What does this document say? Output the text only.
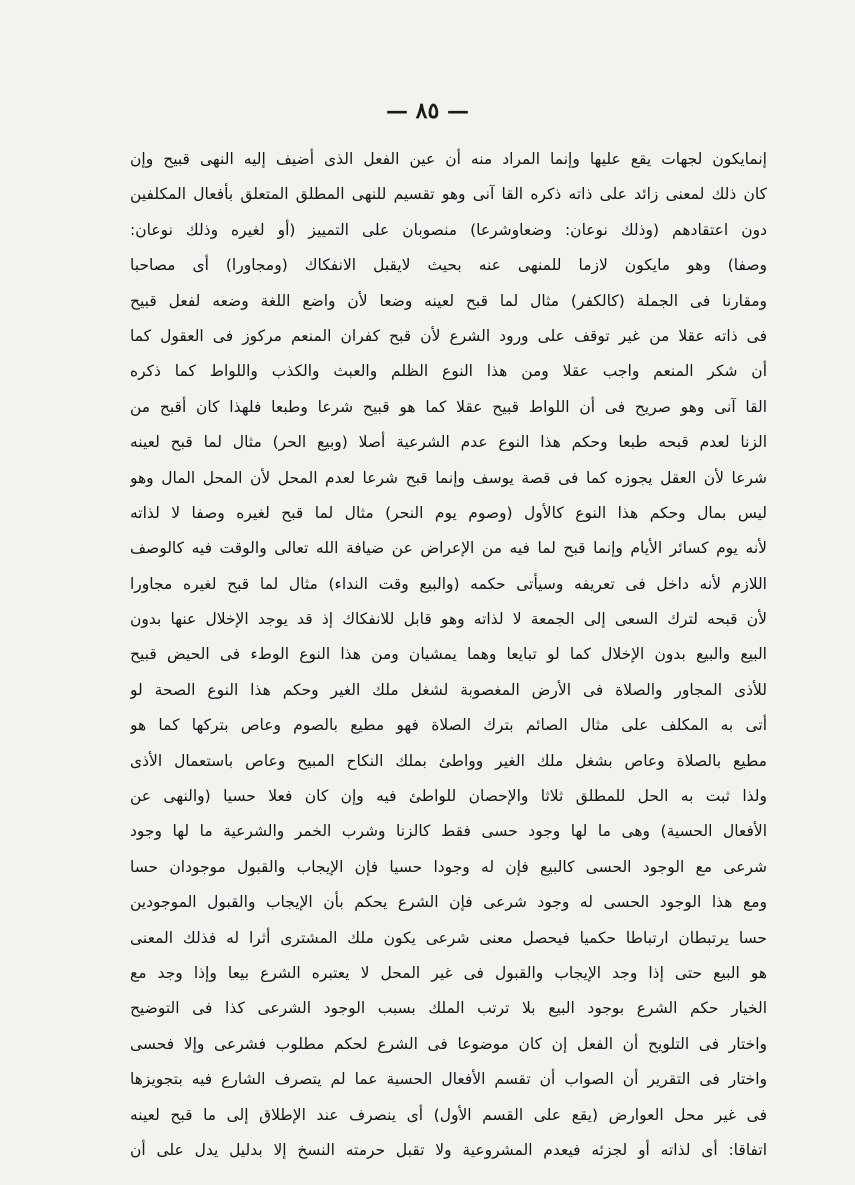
— ٨٥ —
إنمايكون لجهات يقع عليها وإنما المراد منه أن عين الفعل الذى أضيف إليه النهى قبيح وإن
كان ذلك لمعنى زائد على ذاته ذكره القا آنى وهو تقسيم للنهى المطلق المتعلق بأفعال المكلفين
دون اعتقادهم (وذلك نوعان: وضعاوشرعا) منصوبان على التمييز (أو لغيره وذلك نوعان:
وصفا) وهو مايكون لازما للمنهى عنه بحيث لايقبل الانفكاك (ومجاورا) أى مصاحبا
ومقارنا فى الجملة (كالكفر) مثال لما قبح لعينه وضعا لأن واضع اللغة وضعه لفعل قبيح
فى ذاته عقلا من غير توقف على ورود الشرع لأن قبح كفران المنعم مركوز فى العقول كما
أن شكر المنعم واجب عقلا ومن هذا النوع الظلم والعبث والكذب واللواط كما ذكره
القا آنى وهو صريح فى أن اللواط قبيح عقلا كما هو قبيح شرعا وطبعا فلهذا كان أقبح من
الزنا لعدم قبحه طبعا وحكم هذا النوع عدم الشرعية أصلا (وبيع الحر) مثال لما قبح لعينه
شرعا لأن العقل يجوزه كما فى قصة يوسف وإنما قبح شرعا لعدم المحل لأن المحل المال وهو
ليس بمال وحكم هذا النوع كالأول (وصوم يوم النحر) مثال لما قبح لغيره وصفا لا لذاته
لأنه يوم كسائر الأيام وإنما قبح لما فيه من الإعراض عن ضيافة الله تعالى والوقت فيه كالوصف
اللازم لأنه داخل فى تعريفه وسيأتى حكمه (والبيع وقت النداء) مثال لما قبح لغيره مجاورا
لأن قبحه لترك السعى إلى الجمعة لا لذاته وهو قابل للانفكاك إذ قد يوجد الإخلال عنها بدون
البيع والبيع بدون الإخلال كما لو تبايعا وهما يمشيان ومن هذا النوع الوطء فى الحيض قبيح
للأذى المجاور والصلاة فى الأرض المغصوبة لشغل ملك الغير وحكم هذا النوع الصحة لو
أتى به المكلف على مثال الصائم بترك الصلاة فهو مطيع بالصوم وعاص بتركها كما هو
مطيع بالصلاة وعاص بشغل ملك الغير وواطئ بملك النكاح المبيح وعاص باستعمال الأذى
ولذا ثبت به الحل للمطلق ثلاثا والإحصان للواطئ فيه وإن كان فعلا حسيا (والنهى عن
الأفعال الحسية) وهى ما لها وجود حسى فقط كالزنا وشرب الخمر والشرعية ما لها وجود
شرعى مع الوجود الحسى كالبيع فإن له وجودا حسيا فإن الإيجاب والقبول موجودان حسا
ومع هذا الوجود الحسى له وجود شرعى فإن الشرع يحكم بأن الإيجاب والقبول الموجودين
حسا يرتبطان ارتباطا حكميا فيحصل معنى شرعى يكون ملك المشترى أثرا له فذلك المعنى
هو البيع حتى إذا وجد الإيجاب والقبول فى غير المحل لا يعتبره الشرع بيعا وإذا وجد مع
الخيار حكم الشرع بوجود البيع بلا ترتب الملك بسبب الوجود الشرعى كذا فى التوضيح
واختار فى التلويح أن الفعل إن كان موضوعا فى الشرع لحكم مطلوب فشرعى وإلا فحسى
واختار فى التقرير أن الصواب أن تقسم الأفعال الحسية عما لم يتصرف الشارع فيه بتجويزها
فى غير محل العوارض (يقع على القسم الأول) أى ينصرف عند الإطلاق إلى ما قبح لعينه
اتفاقا: أى لذاته أو لجزئه فيعدم المشروعية ولا تقبل حرمته النسخ إلا بدليل يدل على أن
